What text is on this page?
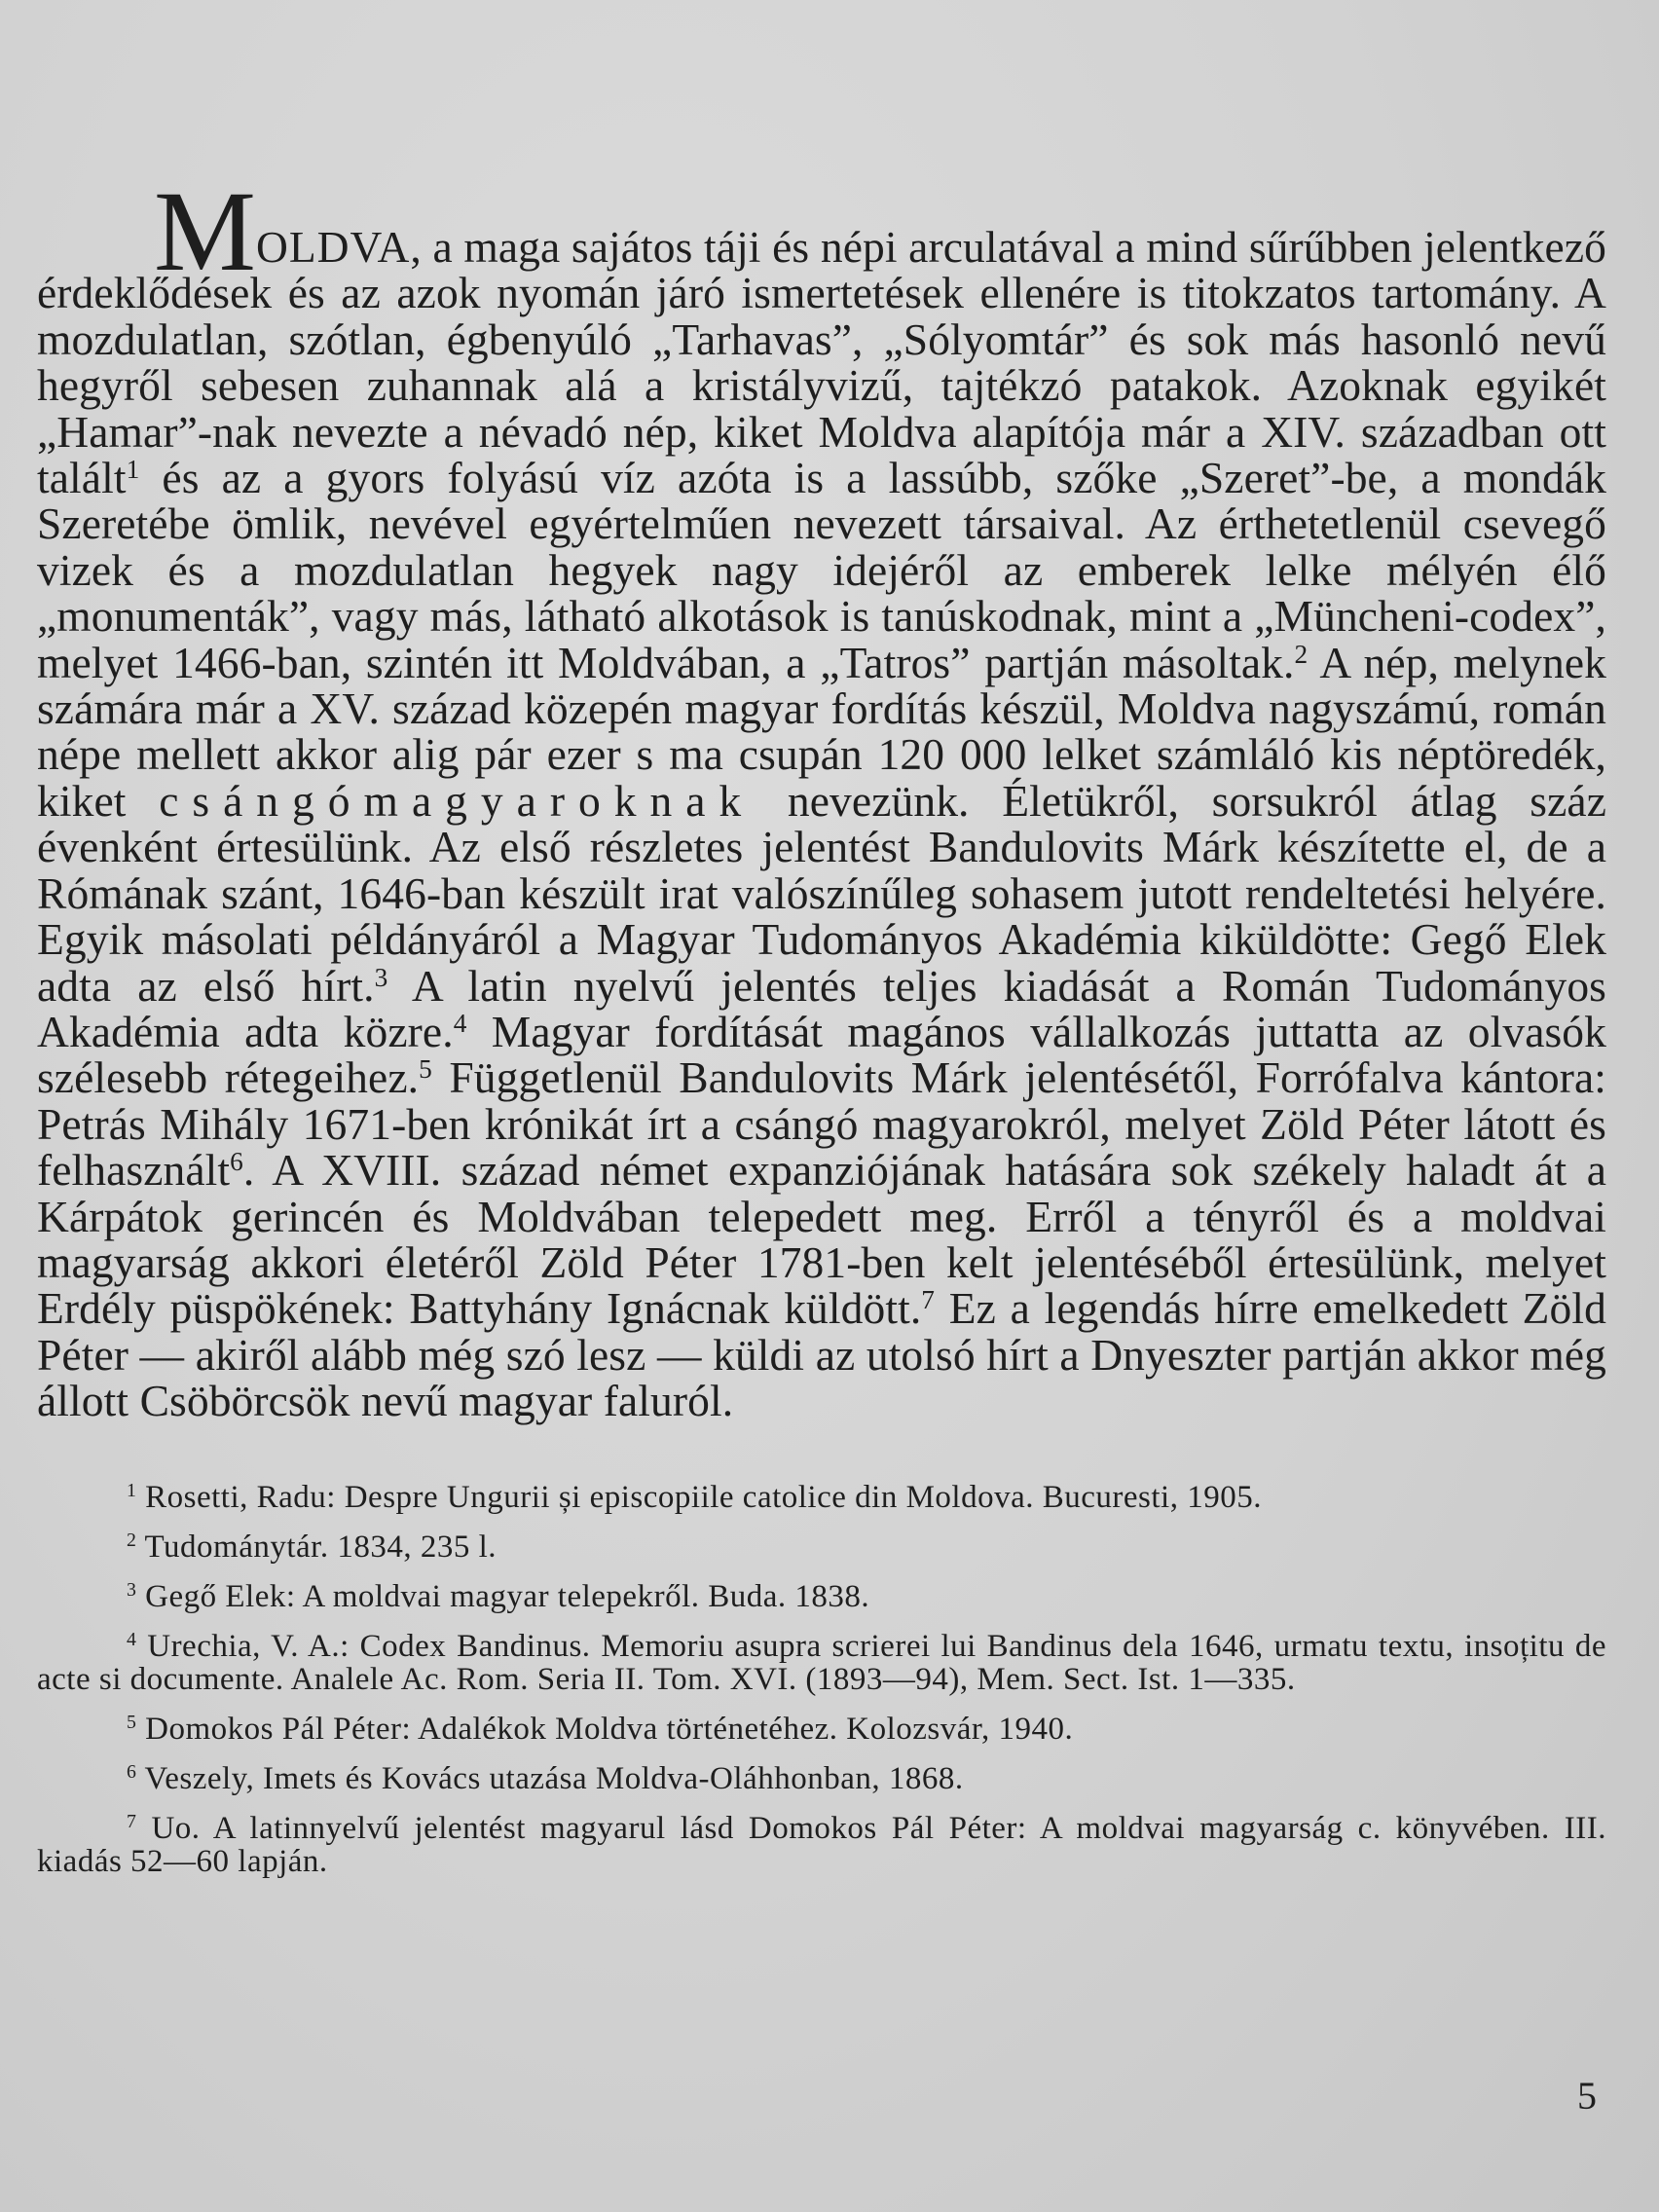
MOLDVA, a maga sajátos táji és népi arculatával a mind sűrűbben jelentkező érdeklődések és az azok nyomán járó ismertetések ellenére is titokzatos tartomány. A mozdulatlan, szótlan, égbenyúló „Tarhavas”, „Sólyomtár” és sok más hasonló nevű hegyről sebesen zuhannak alá a kristályvizű, tajtékzó patakok. Azoknak egyikét „Hamar”-nak nevezte a névadó nép, kiket Moldva alapítója már a XIV. században ott talált$^1$ és az a gyors folyású víz azóta is a lassúbb, szőke „Szeret”-be, a mondák Szeretébe ömlik, nevével egyértelműen nevezett társaival. Az érthetetlenül csevegő vizek és a mozdulatlan hegyek nagy idejéről az emberek lelke mélyén élő „monumenták”, vagy más, látható alkotások is tanúskodnak, mint a „Müncheni-codex”, melyet 1466-ban, szintén itt Moldvában, a „Tatros” partján másoltak.$^2$ A nép, melynek számára már a XV. század közepén magyar fordítás készül, Moldva nagyszámú, román népe mellett akkor alig pár ezer s ma csupán 120 000 lelket számláló kis néptöredék, kiket csángómagyaroknak nevezünk. Életükről, sorsukról átlag száz évenként értesülünk. Az első részletes jelentést Bandulovits Márk készítette el, de a Rómának szánt, 1646-ban készült irat valószínűleg sohasem jutott rendeltetési helyére. Egyik másolati példányáról a Magyar Tudományos Akadémia kiküldötte: Gegő Elek adta az első hírt.$^3$ A latin nyelvű jelentés teljes kiadását a Román Tudományos Akadémia adta közre.$^4$ Magyar fordítását magános vállalkozás juttatta az olvasók szélesebb rétegeihez.$^5$ Függetlenül Bandulovits Márk jelentésétől, Forrófalva kántora: Petrás Mihály 1671-ben krónikát írt a csángó magyarokról, melyet Zöld Péter látott és felhasznált$^6$. A XVIII. század német expanziójának hatására sok székely haladt át a Kárpátok gerincén és Moldvában telepedett meg. Erről a tényről és a moldvai magyarság akkori életéről Zöld Péter 1781-ben kelt jelentéséből értesülünk, melyet Erdély püspökének: Battyhány Ignácnak küldött.$^7$ Ez a legendás hírre emelkedett Zöld Péter — akiről alább még szó lesz — küldi az utolsó hírt a Dnyeszter partján akkor még állott Csöbörcsök nevű magyar faluról.

$^1$ Rosetti, Radu: Despre Ungurii și episcopiile catolice din Moldova. Bucuresti, 1905.

$^2$ Tudománytár. 1834, 235 l.

$^3$ Gegő Elek: A moldvai magyar telepekről. Buda. 1838.

$^4$ Urechia, V. A.: Codex Bandinus. Memoriu asupra scrierei lui Bandinus dela 1646, urmatu textu, insoțitu de acte si documente. Analele Ac. Rom. Seria II. Tom. XVI. (1893—94), Mem. Sect. Ist. 1—335.

$^5$ Domokos Pál Péter: Adalékok Moldva történetéhez. Kolozsvár, 1940.

$^6$ Veszely, Imets és Kovács utazása Moldva-Oláhhonban, 1868.

$^7$ Uo. A latinnyelvű jelentést magyarul lásd Domokos Pál Péter: A moldvai magyarság c. könyvében. III. kiadás 52—60 lapján.

5
